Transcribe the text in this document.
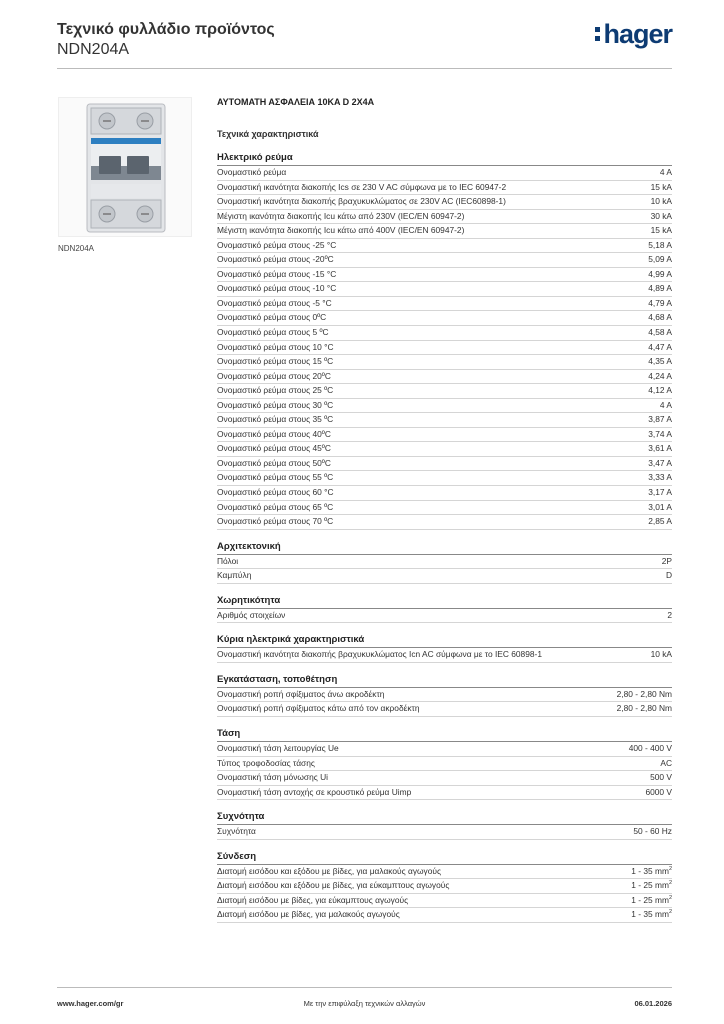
Τεχνικό φυλλάδιο προϊόντος
NDN204A
hager
NDN204A
ΑΥΤΟΜΑΤΗ ΑΣΦΑΛΕΙΑ 10KA D 2X4A
Τεχνικά χαρακτηριστικά
Ηλεκτρικό ρεύμα
Ονομαστικό ρεύμα	4 A
Ονομαστική ικανότητα διακοπής Ics σε 230 V AC σύμφωνα με το IEC 60947-2	15 kA
Ονομαστική ικανότητα διακοπής βραχυκυκλώματος σε 230V AC (IEC60898-1)	10 kA
Μέγιστη ικανότητα διακοπής Icu κάτω από 230V (IEC/EN 60947-2)	30 kA
Μέγιστη ικανότητα διακοπής Icu κάτω από 400V (IEC/EN 60947-2)	15 kA
Ονομαστικό ρεύμα στους -25 °C	5,18 A
Ονομαστικό ρεύμα στους -20ºC	5,09 A
Ονομαστικό ρεύμα στους -15 °C	4,99 A
Ονομαστικό ρεύμα στους -10 °C	4,89 A
Ονομαστικό ρεύμα στους -5 °C	4,79 A
Ονομαστικό ρεύμα στους 0ºC	4,68 A
Ονομαστικό ρεύμα στους 5 ºC	4,58 A
Ονομαστικό ρεύμα στους 10 °C	4,47 A
Ονομαστικό ρεύμα στους 15 ºC	4,35 A
Ονομαστικό ρεύμα στους 20ºC	4,24 A
Ονομαστικό ρεύμα στους 25 ºC	4,12 A
Ονομαστικό ρεύμα στους 30 ºC	4 A
Ονομαστικό ρεύμα στους 35 ºC	3,87 A
Ονομαστικό ρεύμα στους 40ºC	3,74 A
Ονομαστικό ρεύμα στους 45ºC	3,61 A
Ονομαστικό ρεύμα στους 50ºC	3,47 A
Ονομαστικό ρεύμα στους 55 ºC	3,33 A
Ονομαστικό ρεύμα στους 60 °C	3,17 A
Ονομαστικό ρεύμα στους 65 ºC	3,01 A
Ονομαστικό ρεύμα στους 70 ºC	2,85 A
Αρχιτεκτονική
Πόλοι	2P
Καμπύλη	D
Χωρητικότητα
Αριθμός στοιχείων	2
Κύρια ηλεκτρικά χαρακτηριστικά
Ονομαστική ικανότητα διακοπής βραχυκυκλώματος Icn AC σύμφωνα με το IEC 60898-1	10 kA
Εγκατάσταση, τοποθέτηση
Ονομαστική ροπή σφίξιματος άνω ακροδέκτη	2,80 - 2,80 Nm
Ονομαστική ροπή σφίξιματος κάτω από τον ακροδέκτη	2,80 - 2,80 Nm
Τάση
Ονομαστική τάση λειτουργίας Ue	400 - 400 V
Τύπος τροφοδοσίας τάσης	AC
Ονομαστική τάση μόνωσης Ui	500 V
Ονομαστική τάση αντοχής σε κρουστικό ρεύμα Uimp	6000 V
Συχνότητα
Συχνότητα	50 - 60 Hz
Σύνδεση
Διατομή εισόδου και εξόδου με βίδες, για μαλακούς αγωγούς	1 - 35 $mm^2$
Διατομή εισόδου και εξόδου με βίδες, για εύκαμπτους αγωγούς	1 - 25 $mm^2$
Διατομή εισόδου με βίδες, για εύκαμπτους αγωγούς	1 - 25 $mm^2$
Διατομή εισόδου με βίδες, για μαλακούς αγωγούς	1 - 35 $mm^2$
www.hager.com/gr	Με την επιφύλαξη τεχνικών αλλαγών	06.01.2026
